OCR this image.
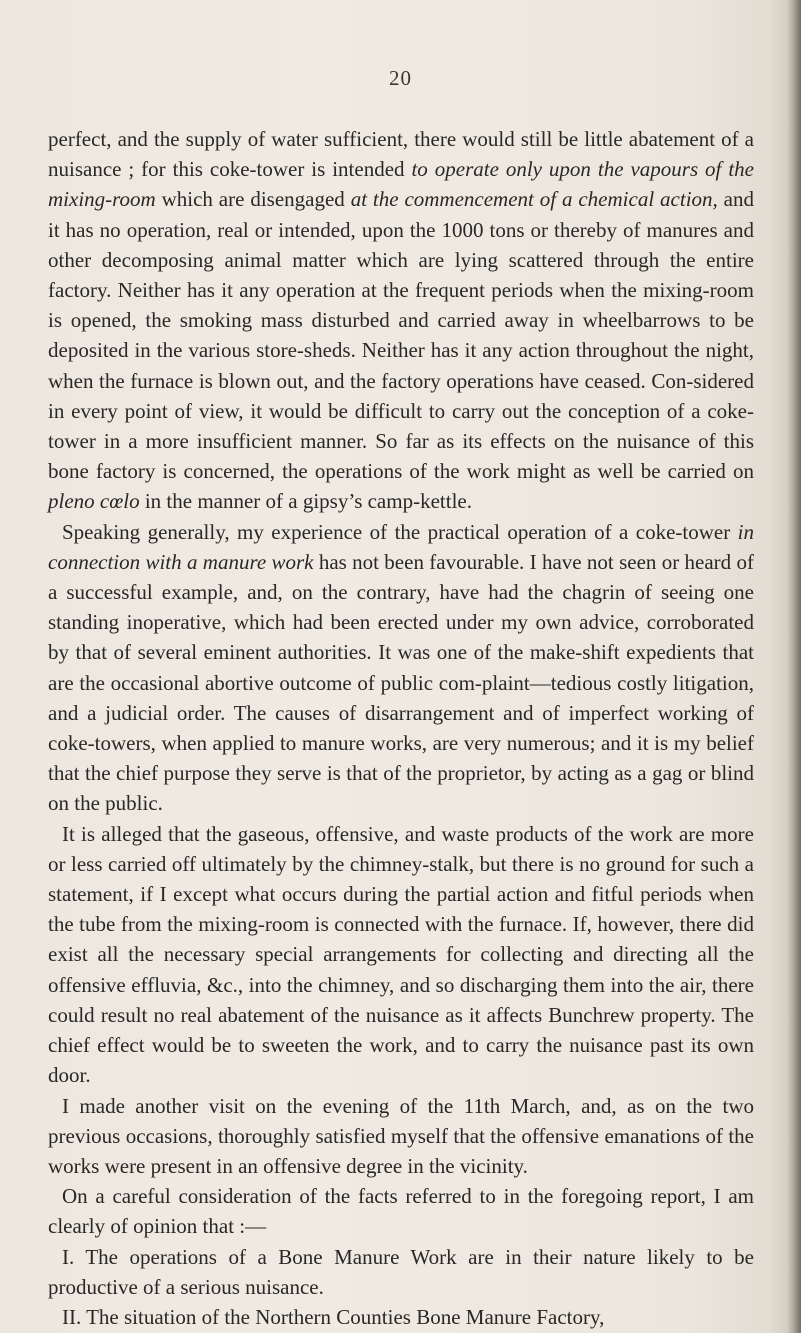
20

perfect, and the supply of water sufficient, there would still be little abatement of a nuisance ; for this coke-tower is intended to operate only upon the vapours of the mixing-room which are disengaged at the commencement of a chemical action, and it has no operation, real or intended, upon the 1000 tons or thereby of manures and other decomposing animal matter which are lying scattered through the entire factory. Neither has it any operation at the frequent periods when the mixing-room is opened, the smoking mass disturbed and carried away in wheelbarrows to be deposited in the various store-sheds. Neither has it any action throughout the night, when the furnace is blown out, and the factory operations have ceased. Con-sidered in every point of view, it would be difficult to carry out the conception of a coke-tower in a more insufficient manner. So far as its effects on the nuisance of this bone factory is concerned, the operations of the work might as well be carried on pleno cœlo in the manner of a gipsy’s camp-kettle.

Speaking generally, my experience of the practical operation of a coke-tower in connection with a manure work has not been favourable. I have not seen or heard of a successful example, and, on the contrary, have had the chagrin of seeing one standing inoperative, which had been erected under my own advice, corroborated by that of several eminent authorities. It was one of the make-shift expedients that are the occasional abortive outcome of public com-plaint—tedious costly litigation, and a judicial order. The causes of disarrangement and of imperfect working of coke-towers, when applied to manure works, are very numerous; and it is my belief that the chief purpose they serve is that of the proprietor, by acting as a gag or blind on the public.

It is alleged that the gaseous, offensive, and waste products of the work are more or less carried off ultimately by the chimney-stalk, but there is no ground for such a statement, if I except what occurs during the partial action and fitful periods when the tube from the mixing-room is connected with the furnace. If, however, there did exist all the necessary special arrangements for collecting and directing all the offensive effluvia, &c., into the chimney, and so discharging them into the air, there could result no real abatement of the nuisance as it affects Bunchrew property. The chief effect would be to sweeten the work, and to carry the nuisance past its own door.

I made another visit on the evening of the 11th March, and, as on the two previous occasions, thoroughly satisfied myself that the offensive emanations of the works were present in an offensive degree in the vicinity.

On a careful consideration of the facts referred to in the foregoing report, I am clearly of opinion that :—

I. The operations of a Bone Manure Work are in their nature likely to be productive of a serious nuisance.

II. The situation of the Northern Counties Bone Manure Factory,
